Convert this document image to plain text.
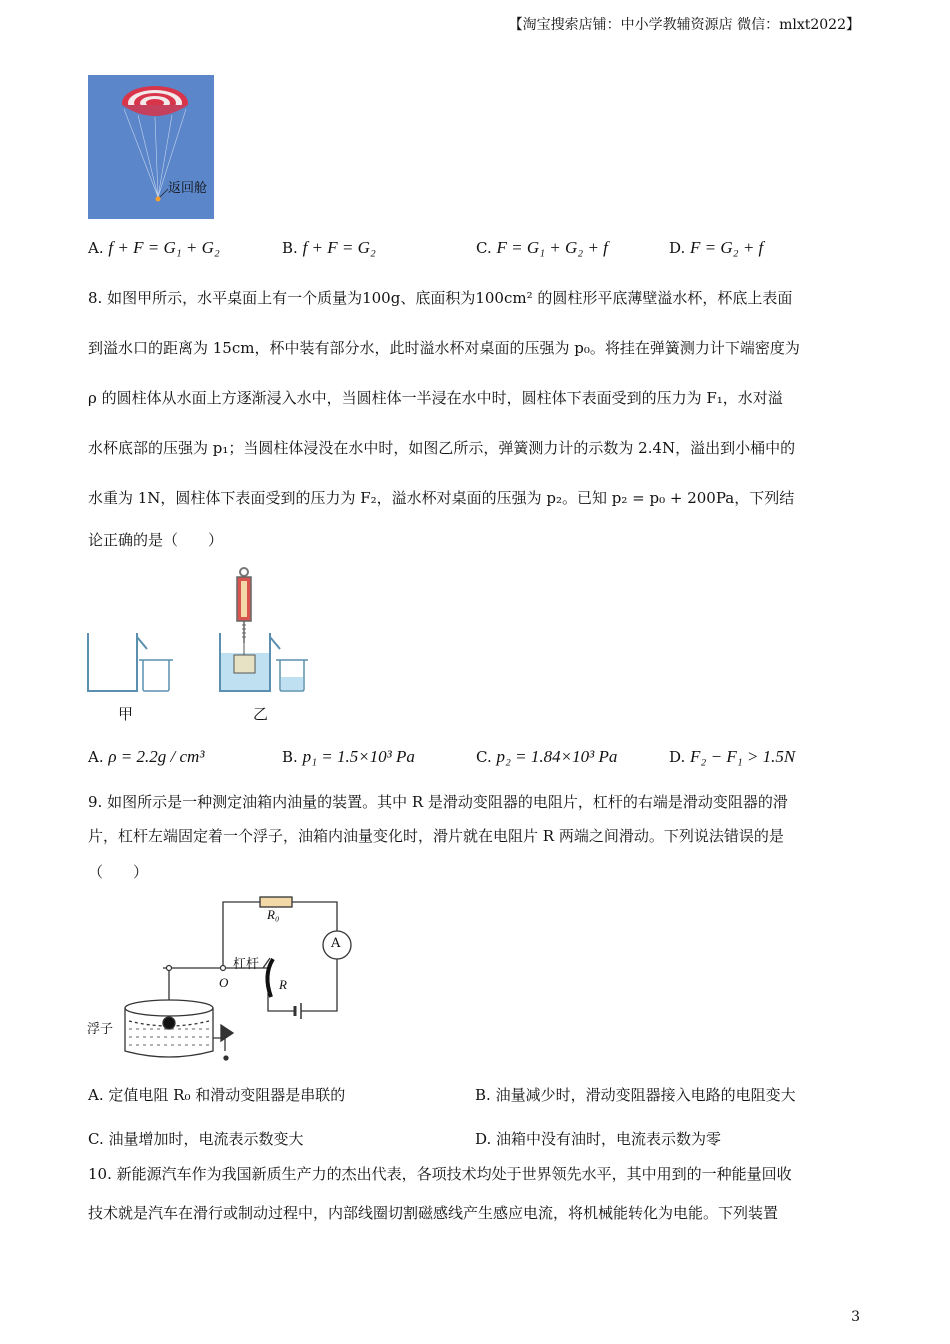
【淘宝搜索店铺：中小学教辅资源店 微信：mlxt2022】
返回舱
A. f + F = G₁ + G₂	B. f + F = G₂	C. F = G₁ + G₂ + f	D. F = G₂ + f
8. 如图甲所示，水平桌面上有一个质量为100g、底面积为100cm² 的圆柱形平底薄壁溢水杯，杯底上表面
到溢水口的距离为 15cm，杯中装有部分水，此时溢水杯对桌面的压强为 p₀。将挂在弹簧测力计下端密度为
ρ 的圆柱体从水面上方逐渐浸入水中，当圆柱体一半浸在水中时，圆柱体下表面受到的压力为 F₁，水对溢
水杯底部的压强为 p₁；当圆柱体浸没在水中时，如图乙所示，弹簧测力计的示数为 2.4N，溢出到小桶中的
水重为 1N，圆柱体下表面受到的压力为 F₂，溢水杯对桌面的压强为 p₂。已知 p₂ = p₀ + 200Pa，下列结
论正确的是（　　）
甲	乙
A. ρ = 2.2g / cm³	B. p₁ = 1.5×10³ Pa	C. p₂ = 1.84×10³ Pa	D. F₂ − F₁ > 1.5N
9. 如图所示是一种测定油箱内油量的装置。其中 R 是滑动变阻器的电阻片，杠杆的右端是滑动变阻器的滑
片，杠杆左端固定着一个浮子，油箱内油量变化时，滑片就在电阻片 R 两端之间滑动。下列说法错误的是
（　　）
R₀
A
杠杆
O	R
浮子
A. 定值电阻 R₀ 和滑动变阻器是串联的	B. 油量减少时，滑动变阻器接入电路的电阻变大
C. 油量增加时，电流表示数变大	D. 油箱中没有油时，电流表示数为零
10. 新能源汽车作为我国新质生产力的杰出代表，各项技术均处于世界领先水平，其中用到的一种能量回收
技术就是汽车在滑行或制动过程中，内部线圈切割磁感线产生感应电流，将机械能转化为电能。下列装置
3
